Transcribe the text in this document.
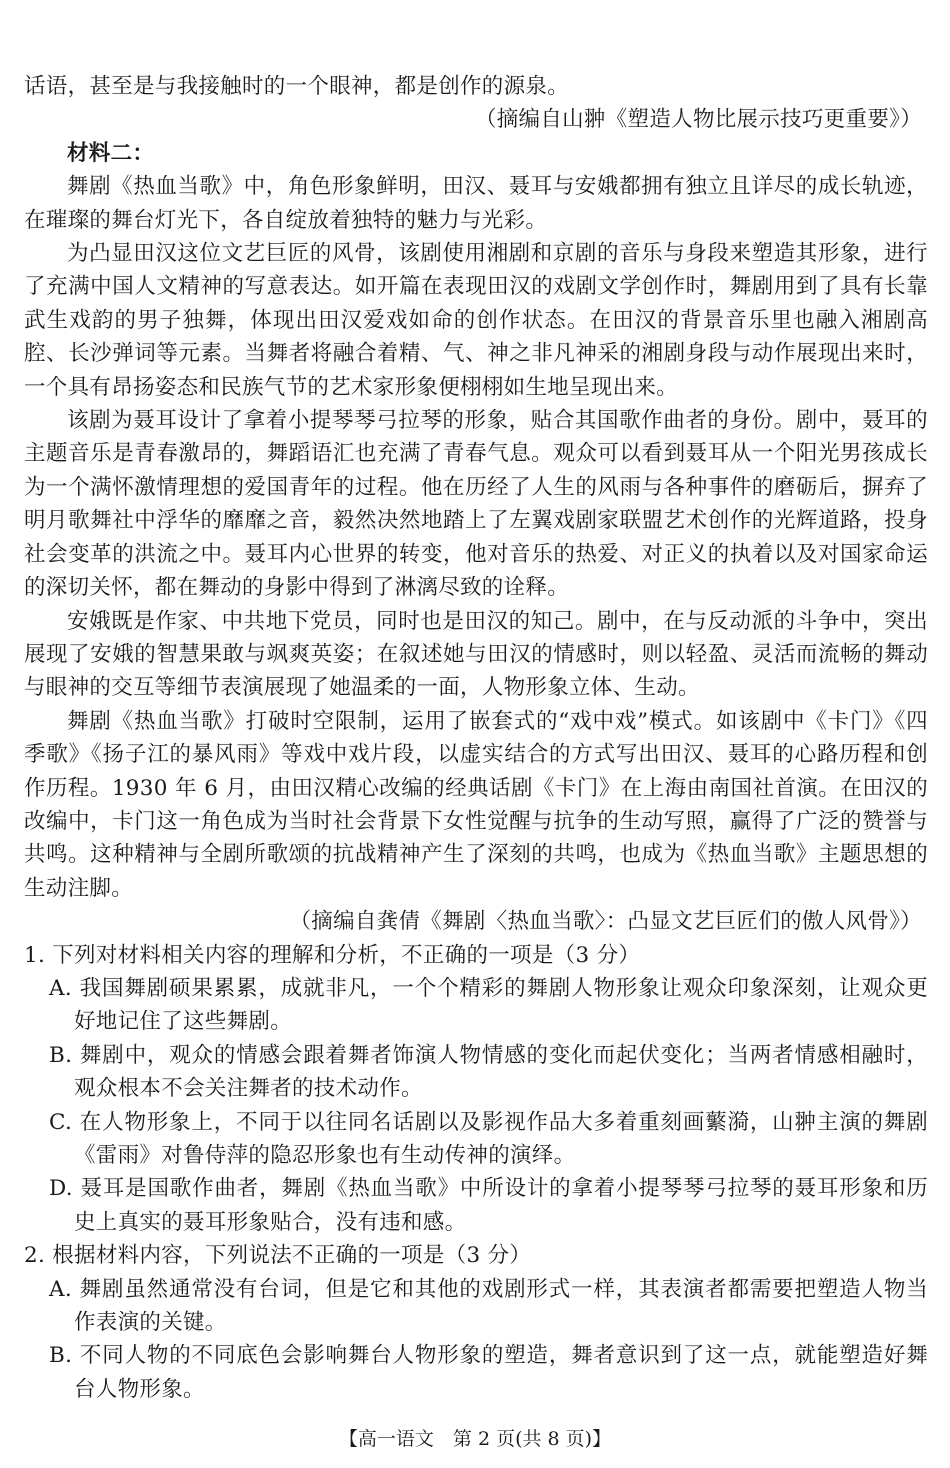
话语，甚至是与我接触时的一个眼神，都是创作的源泉。

（摘编自山翀《塑造人物比展示技巧更重要》）

材料二：

舞剧《热血当歌》中，角色形象鲜明，田汉、聂耳与安娥都拥有独立且详尽的成长轨迹，在璀璨的舞台灯光下，各自绽放着独特的魅力与光彩。

为凸显田汉这位文艺巨匠的风骨，该剧使用湘剧和京剧的音乐与身段来塑造其形象，进行了充满中国人文精神的写意表达。如开篇在表现田汉的戏剧文学创作时，舞剧用到了具有长靠武生戏韵的男子独舞，体现出田汉爱戏如命的创作状态。在田汉的背景音乐里也融入湘剧高腔、长沙弹词等元素。当舞者将融合着精、气、神之非凡神采的湘剧身段与动作展现出来时，一个具有昂扬姿态和民族气节的艺术家形象便栩栩如生地呈现出来。

该剧为聂耳设计了拿着小提琴琴弓拉琴的形象，贴合其国歌作曲者的身份。剧中，聂耳的主题音乐是青春激昂的，舞蹈语汇也充满了青春气息。观众可以看到聂耳从一个阳光男孩成长为一个满怀激情理想的爱国青年的过程。他在历经了人生的风雨与各种事件的磨砺后，摒弃了明月歌舞社中浮华的靡靡之音，毅然决然地踏上了左翼戏剧家联盟艺术创作的光辉道路，投身社会变革的洪流之中。聂耳内心世界的转变，他对音乐的热爱、对正义的执着以及对国家命运的深切关怀，都在舞动的身影中得到了淋漓尽致的诠释。

安娥既是作家、中共地下党员，同时也是田汉的知己。剧中，在与反动派的斗争中，突出展现了安娥的智慧果敢与飒爽英姿；在叙述她与田汉的情感时，则以轻盈、灵活而流畅的舞动与眼神的交互等细节表演展现了她温柔的一面，人物形象立体、生动。

舞剧《热血当歌》打破时空限制，运用了嵌套式的“戏中戏”模式。如该剧中《卡门》《四季歌》《扬子江的暴风雨》等戏中戏片段，以虚实结合的方式写出田汉、聂耳的心路历程和创作历程。1930 年 6 月，由田汉精心改编的经典话剧《卡门》在上海由南国社首演。在田汉的改编中，卡门这一角色成为当时社会背景下女性觉醒与抗争的生动写照，赢得了广泛的赞誉与共鸣。这种精神与全剧所歌颂的抗战精神产生了深刻的共鸣，也成为《热血当歌》主题思想的生动注脚。

（摘编自龚倩《舞剧〈热血当歌〉：凸显文艺巨匠们的傲人风骨》）

1. 下列对材料相关内容的理解和分析，不正确的一项是（3 分）

A. 我国舞剧硕果累累，成就非凡，一个个精彩的舞剧人物形象让观众印象深刻，让观众更好地记住了这些舞剧。

B. 舞剧中，观众的情感会跟着舞者饰演人物情感的变化而起伏变化；当两者情感相融时，观众根本不会关注舞者的技术动作。

C. 在人物形象上，不同于以往同名话剧以及影视作品大多着重刻画蘩漪，山翀主演的舞剧《雷雨》对鲁侍萍的隐忍形象也有生动传神的演绎。

D. 聂耳是国歌作曲者，舞剧《热血当歌》中所设计的拿着小提琴琴弓拉琴的聂耳形象和历史上真实的聂耳形象贴合，没有违和感。

2. 根据材料内容，下列说法不正确的一项是（3 分）

A. 舞剧虽然通常没有台词，但是它和其他的戏剧形式一样，其表演者都需要把塑造人物当作表演的关键。

B. 不同人物的不同底色会影响舞台人物形象的塑造，舞者意识到了这一点，就能塑造好舞台人物形象。

【高一语文　第 2 页(共 8 页)】
